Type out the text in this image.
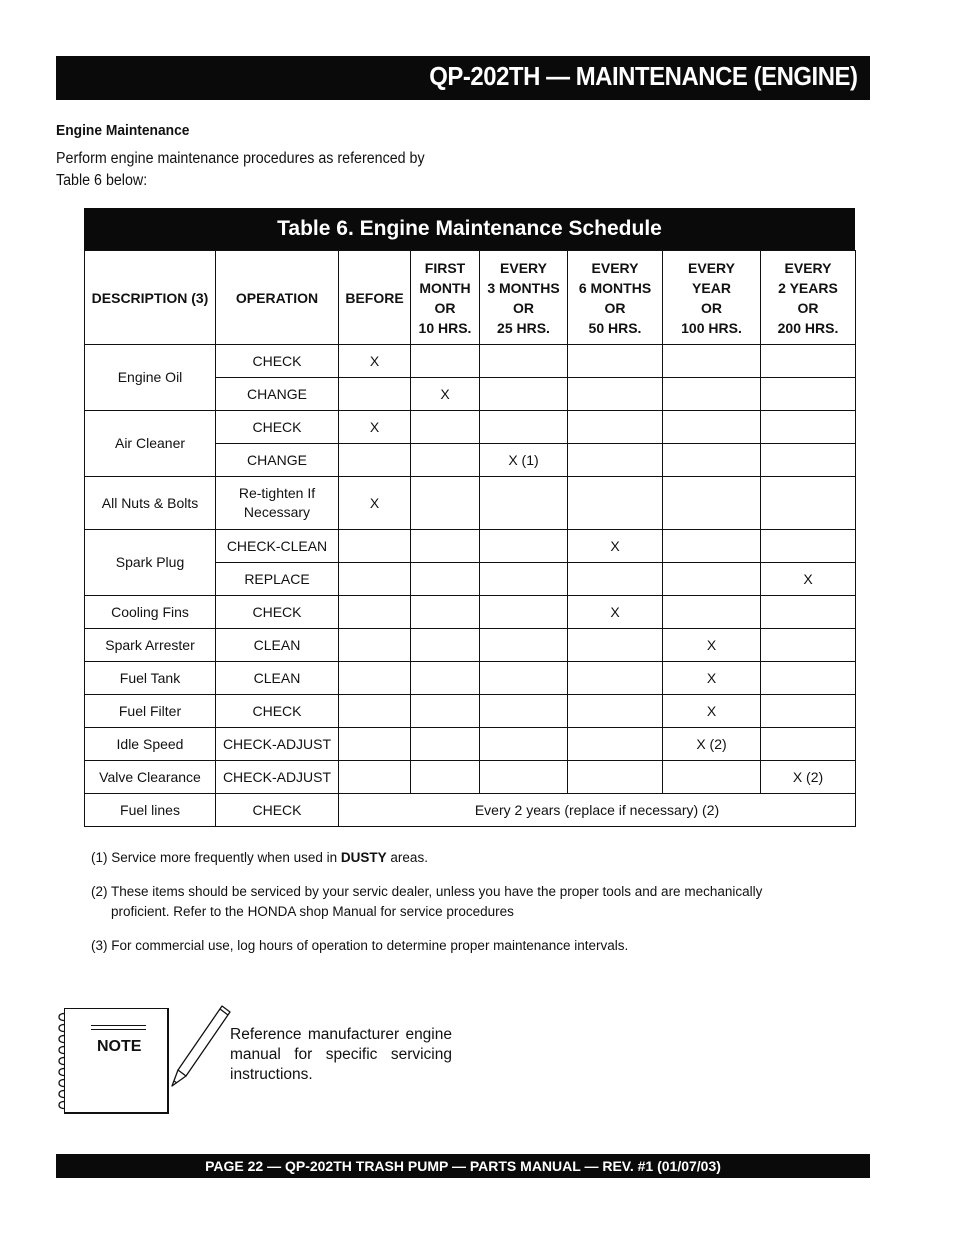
QP-202TH — MAINTENANCE (ENGINE)
Engine Maintenance
Perform engine maintenance procedures as referenced by Table 6 below:
Table 6. Engine Maintenance Schedule
DESCRIPTION (3)	OPERATION	BEFORE	FIRST
MONTH
OR
10 HRS.	EVERY
3 MONTHS
OR
25 HRS.	EVERY
6 MONTHS
OR
50 HRS.	EVERY
YEAR
OR
100 HRS.	EVERY
2 YEARS
OR
200 HRS.
Engine Oil	CHECK	X					
	CHANGE		X				
Air Cleaner	CHECK	X					
	CHANGE			X (1)			
All Nuts & Bolts	Re-tighten If
Necessary	X					
Spark Plug	CHECK-CLEAN				X		
	REPLACE						X
Cooling Fins	CHECK				X		
Spark Arrester	CLEAN					X	
Fuel Tank	CLEAN					X	
Fuel Filter	CHECK					X	
Idle Speed	CHECK-ADJUST					X (2)	
Valve Clearance	CHECK-ADJUST						X (2)
Fuel lines	CHECK	Every 2 years (replace if necessary) (2)					

(1) Service more frequently when used in DUSTY areas.

(2) These items should be serviced by your servic dealer, unless you have the proper tools and are mechanically
proficient. Refer to the HONDA shop Manual for service procedures

(3) For commercial use, log hours of operation to determine proper maintenance intervals.

NOTE
Reference manufacturer engine manual for specific servicing instructions.
PAGE 22 — QP-202TH TRASH PUMP — PARTS MANUAL — REV. #1 (01/07/03)
